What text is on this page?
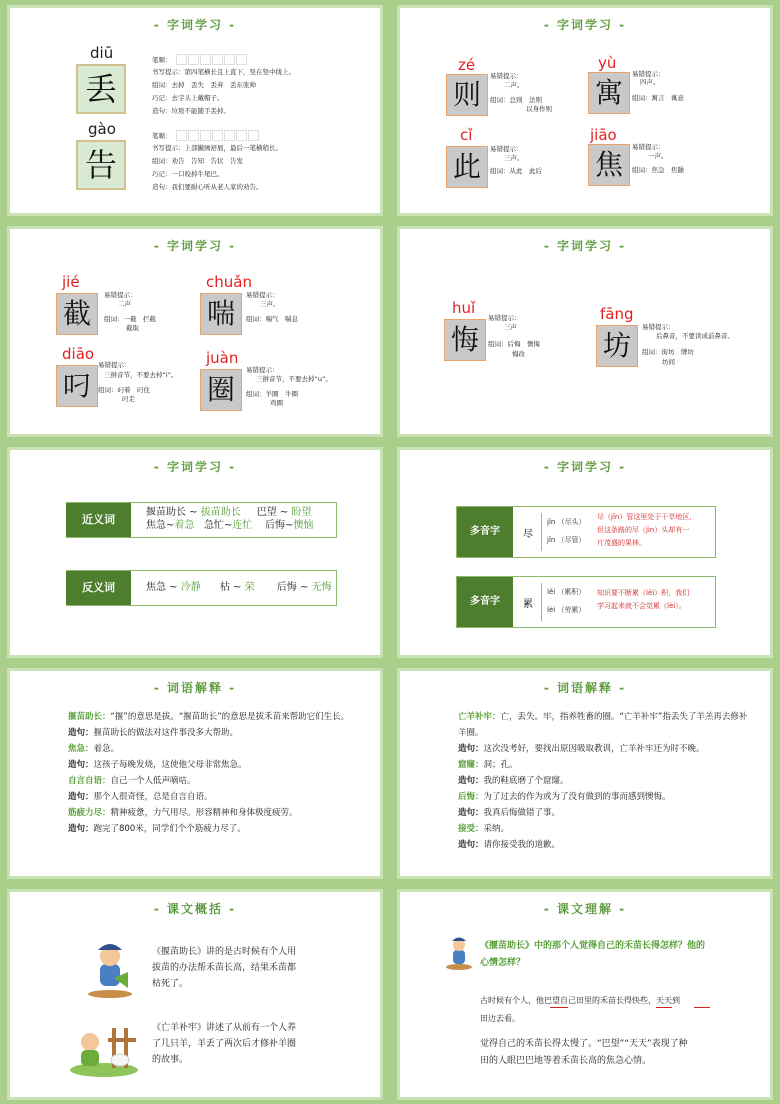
- 字词学习 -
diū
丢
笔顺：
书写提示：第四笔横长且上直下，竖在竖中线上。
组词：去掉　丢失　丢弃　丢东张帅
巧记：去字头上戴帽子。
造句：垃圾不能随手丢掉。
gào
告
笔顺：
书写提示：上部撇画舒展，最后一笔横稍长。
组词：劝告　告知　告状　告发
巧记：一口咬掉牛尾巴。
造句：我们要耐心听从老人家的劝告。
- 字词学习 -
zé
则
易错提示：
二声。
组词：总则　法则
以身作则
yù
寓
易错提示：
四声。
组词：寓言　寓意
cǐ
此
易错提示：
三声。
组词：从此　此后
jiāo
焦
易错提示：
一声。
组词：焦急　焦躁
- 字词学习 -
jié
截
易错提示：
二声
组词：一截　拦截
截取
chuǎn
喘
易错提示：
三声。
组词：喘气　喘息
diāo
叼
易错提示：
三拼音节，不要去掉“i”。
组词：叼着　叼住
叼走
juàn
圈
易错提示：
三拼音节，不要去掉“u”。
组词：羊圈　牛圈
鸡圈
- 字词学习 -
huǐ
悔
易错提示：
三声
组词：后悔　懊悔
悔改
fāng
坊
易错提示：
后鼻音，不要读成前鼻音。
组词：街坊　牌坊
坊间
- 字词学习 -
近义词
揠苗助长 ~ 拔苗助长 巴望 ~ 盼望
焦急~着急 急忙~连忙 后悔~懊恼
反义词	焦急 ~ 冷静 枯 ~ 荣 后悔 ~ 无悔
- 字词学习 -
多音字	尽
jǐn （尽头）
jǐn （尽管）
尽（jǐn）管这里处于干旱地区，
但这条路的尽（jìn）头却有一
片茂盛的果林。
多音字	累
lěi （累积）
lèi （劳累）
知识要不断累（lěi）积，我们
学习起来就不会觉累（lèi）。
- 词语解释 -
揠苗助长：“揠”的意思是拔。“揠苗助长”的意思是拔禾苗来帮助它们生长。
造句：揠苗助长的做法对这件事没多大帮助。
焦急：着急。
造句：这孩子每晚发烧，这使他父母非常焦急。
自言自语：自己一个人低声嘀咕。
造句：那个人很奇怪，总是自言自语。
筋疲力尽：精神疲惫，力气用尽。形容精神和身体极度疲劳。
造句：跑完了800米，同学们个个筋疲力尽了。
- 词语解释 -
亡羊补牢：亡，丢失。牢，指养牲畜的圈。“亡羊补牢”指丢失了羊羔再去修补羊圈。
造句：这次没考好，要找出原因吸取教训，亡羊补牢还为时不晚。
窟窿：洞；孔。
造句：我的鞋底磨了个窟窿。
后悔：为了过去的作为或为了没有做到的事而感到懊悔。
造句：我真后悔做错了事。
接受：采纳。
造句：请你接受我的道歉。
- 课文概括 -
《揠苗助长》讲的是古时候有个人用
拔苗的办法帮禾苗长高，结果禾苗都
枯死了。
《亡羊补牢》讲述了从前有一个人养
了几只羊，羊丢了两次后才修补羊圈
的故事。
- 课文理解 -
《揠苗助长》中的那个人觉得自己的禾苗长得怎样？他的
心情怎样？
古时候有个人，他巴望自己田里的禾苗长得快些，天天到
田边去看。
觉得自己的禾苗长得太慢了。“巴望”“天天”表现了种
田的人眼巴巴地等着禾苗长高的焦急心情。
